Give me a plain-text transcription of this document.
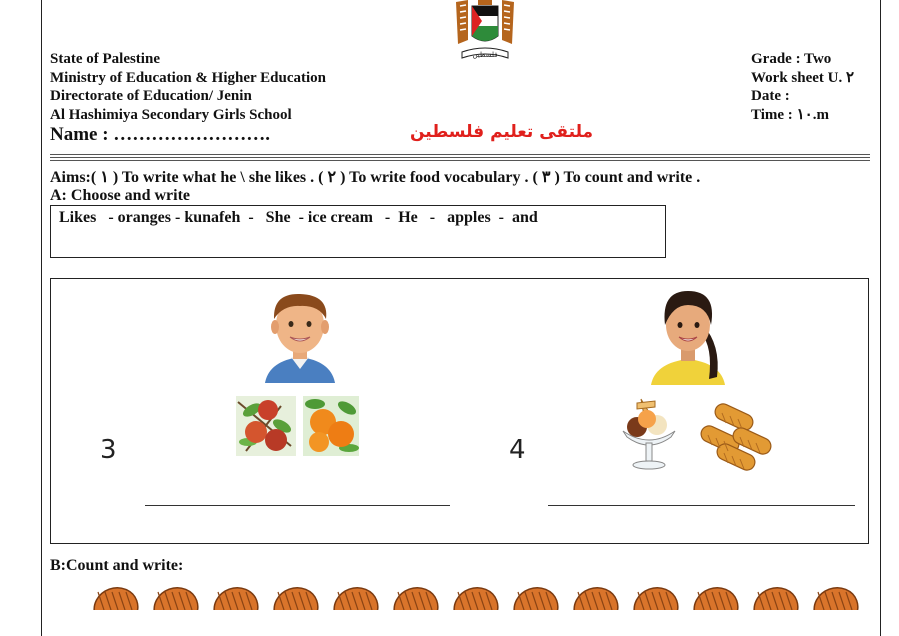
فلسطين
State of Palestine
Ministry of Education & Higher Education
Directorate of Education/ Jenin
Al Hashimiya Secondary Girls School
Grade : Two
Work sheet U. ٢
Date :
Time : ١٠.m
Name : …………………….	ملتقى تعليم فلسطين
Aims:( ١ ) To write what he \ she likes . ( ٢ ) To write food vocabulary . ( ٣ ) To count and write .
A: Choose and write
Likes   - oranges - kunafeh  -   She  - ice cream   -  He   -   apples  -  and
3	4
B:Count and write:
